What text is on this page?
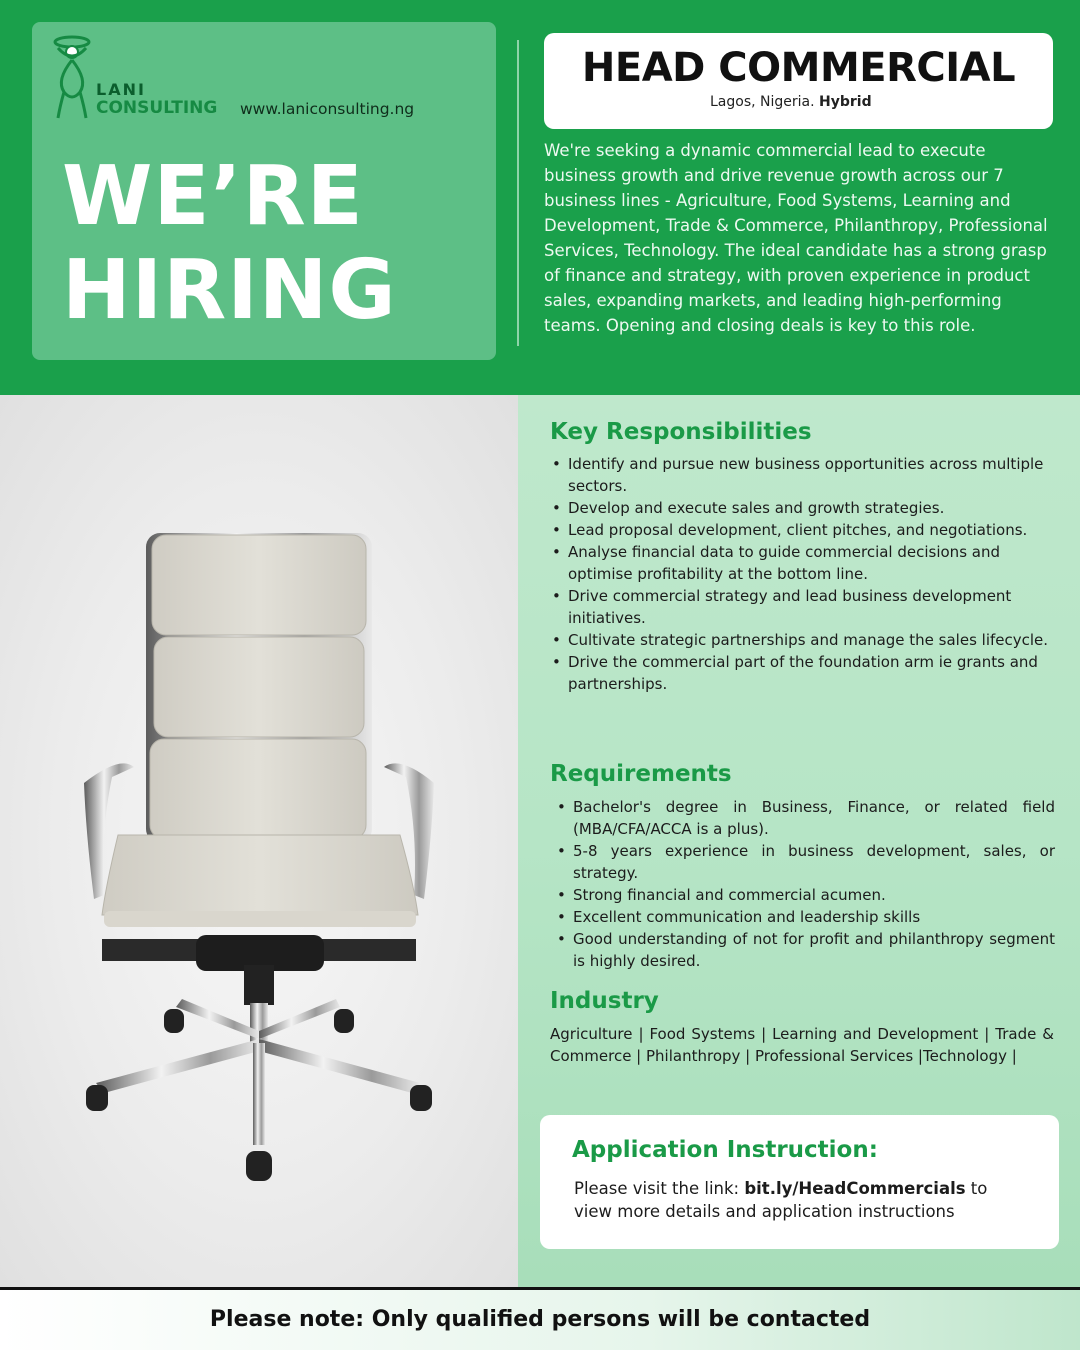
LANI
CONSULTING www.laniconsulting.ng
WE’RE
HIRING
HEAD COMMERCIAL
Lagos, Nigeria. Hybrid

We're seeking a dynamic commercial lead to execute business growth and drive revenue growth across our 7 business lines - Agriculture, Food Systems, Learning and Development, Trade & Commerce, Philanthropy, Professional Services, Technology. The ideal candidate has a strong grasp of finance and strategy, with proven experience in product sales, expanding markets, and leading high-performing teams. Opening and closing deals is key to this role.

Key Responsibilities
• Identify and pursue new business opportunities across multiple sectors.
• Develop and execute sales and growth strategies.
• Lead proposal development, client pitches, and negotiations.
• Analyse financial data to guide commercial decisions and optimise profitability at the bottom line.
• Drive commercial strategy and lead business development initiatives.
• Cultivate strategic partnerships and manage the sales lifecycle.
• Drive the commercial part of the foundation arm ie grants and partnerships.
Requirements
• Bachelor's degree in Business, Finance, or related field (MBA/CFA/ACCA is a plus).
• 5-8 years experience in business development, sales, or strategy.
• Strong financial and commercial acumen.
• Excellent communication and leadership skills
• Good understanding of not for profit and philanthropy segment is highly desired.
Industry

Agriculture | Food Systems | Learning and Development | Trade & Commerce | Philanthropy | Professional Services |Technology |

Application Instruction:

Please visit the link: bit.ly/HeadCommercials to view more details and application instructions

Please note: Only qualified persons will be contacted
